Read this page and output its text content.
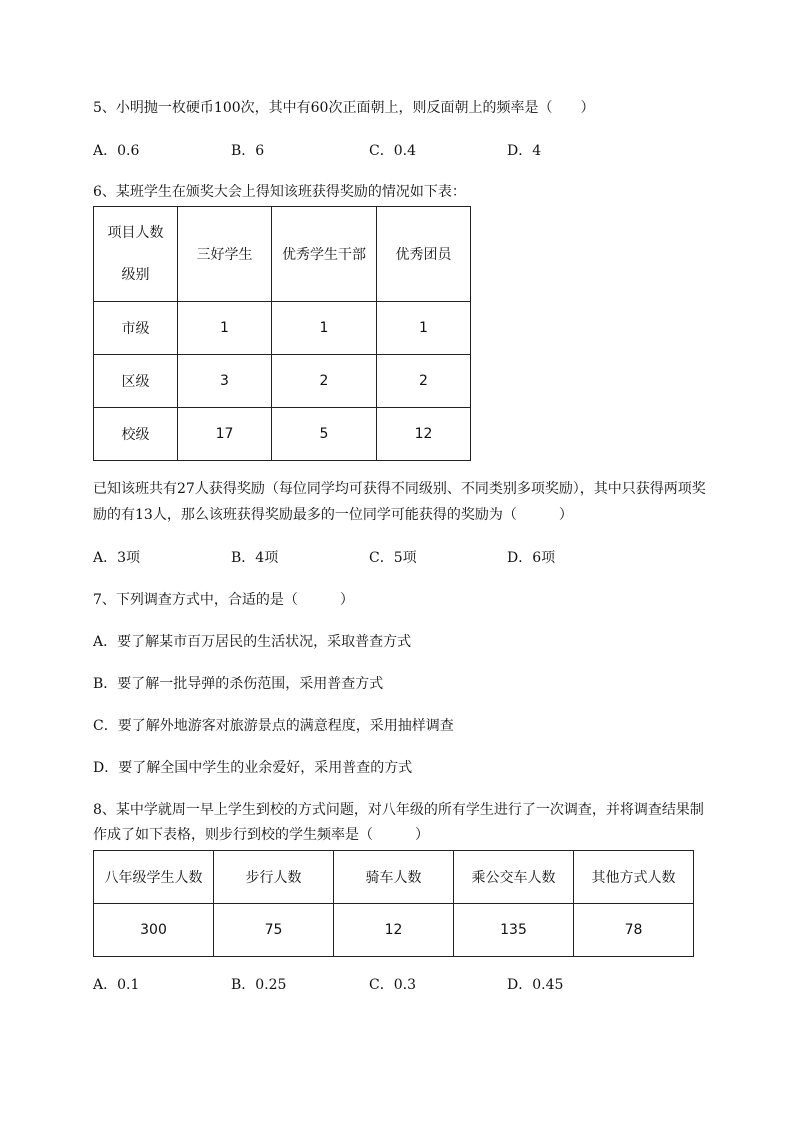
5、小明抛一枚硬币100次，其中有60次正面朝上，则反面朝上的频率是（　　）
A．0.6	B．6	C．0.4	D．4
6、某班学生在颁奖大会上得知该班获得奖励的情况如下表：
项目人数
级别	三好学生	优秀学生干部	优秀团员
市级	1	1	1
区级	3	2	2
校级	17	5	12
已知该班共有27人获得奖励（每位同学均可获得不同级别、不同类别多项奖励），其中只获得两项奖
励的有13人，那么该班获得奖励最多的一位同学可能获得的奖励为（　　　）
A．3项	B．4项	C．5项	D．6项
7、下列调查方式中，合适的是（　　　）
A．要了解某市百万居民的生活状况，采取普查方式
B．要了解一批导弹的杀伤范围，采用普查方式
C．要了解外地游客对旅游景点的满意程度，采用抽样调查
D．要了解全国中学生的业余爱好，采用普查的方式
8、某中学就周一早上学生到校的方式问题，对八年级的所有学生进行了一次调查，并将调查结果制
作成了如下表格，则步行到校的学生频率是（　　　）
八年级学生人数	步行人数	骑车人数	乘公交车人数	其他方式人数
300	75	12	135	78
A．0.1	B．0.25	C．0.3	D．0.45
